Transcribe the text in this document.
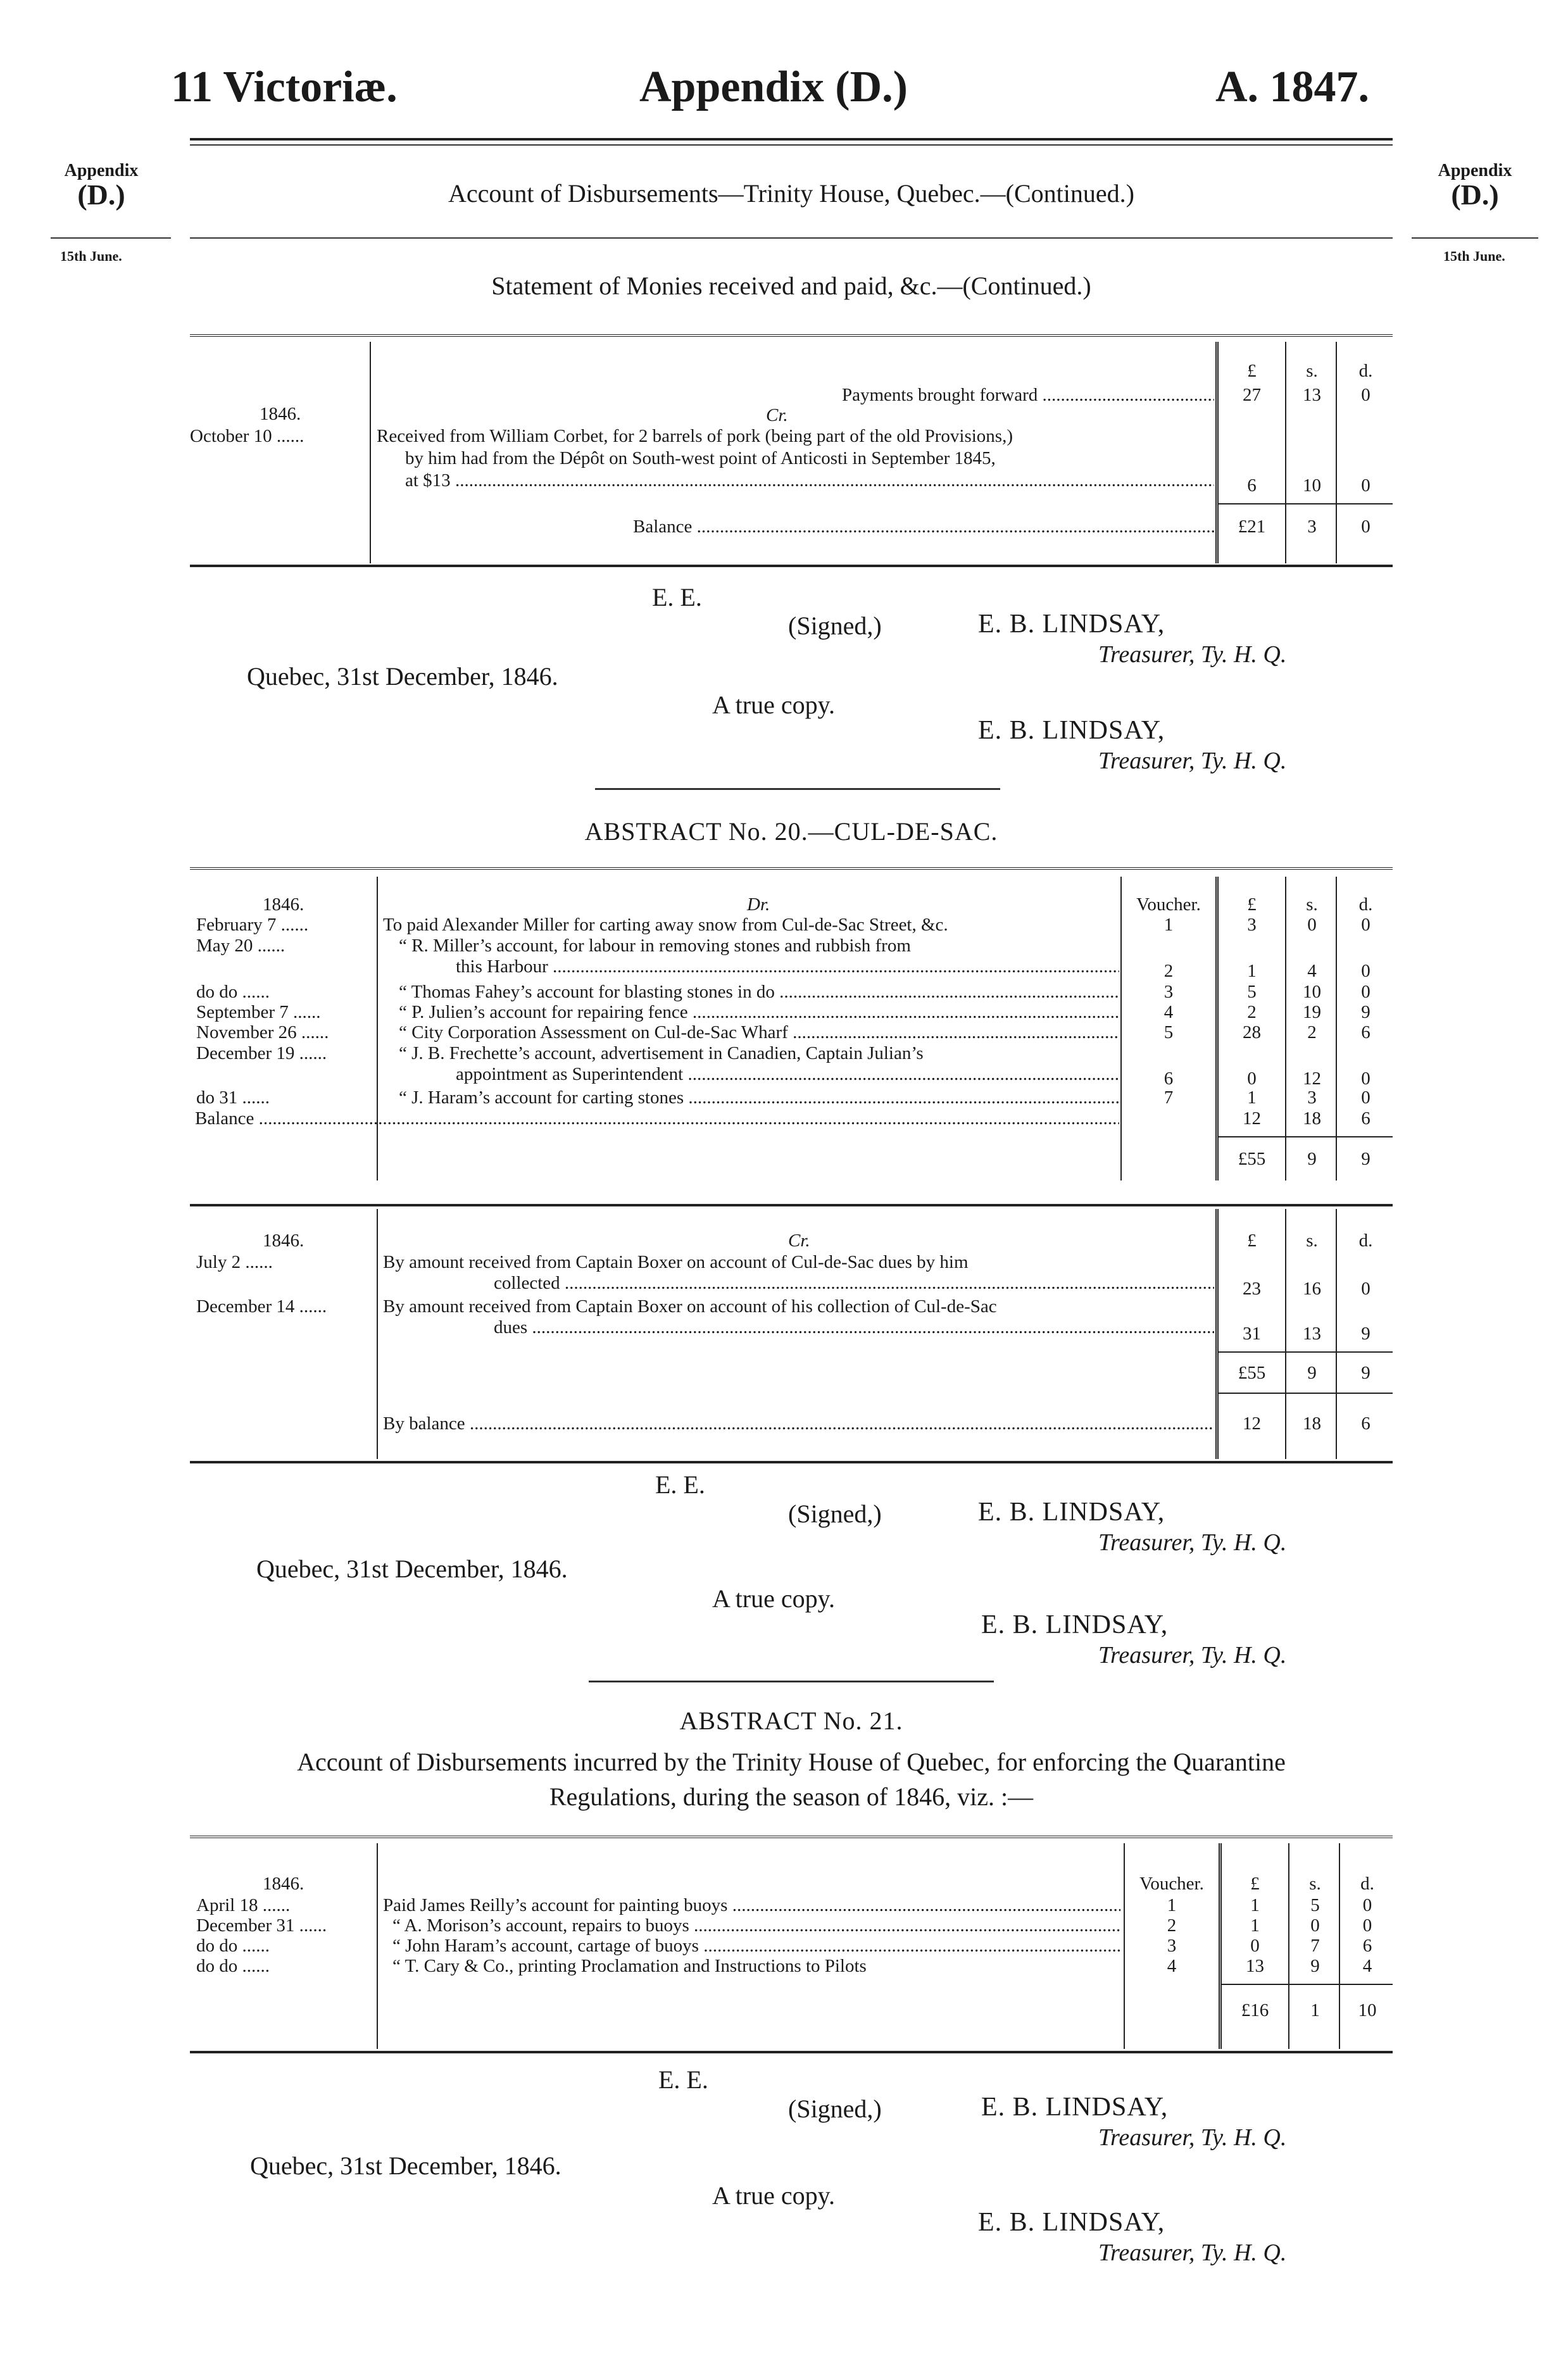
11 Victoriæ.	Appendix (D.)	A. 1847.
Appendix
(D.)
15th June.
Appendix
(D.)
15th June.
Account of Disbursements—Trinity House, Quebec.—(Continued.)
Statement of Monies received and paid, &c.—(Continued.)
£	s.	d.
Payments brought forward .....	27	13	0
Cr.
1846.
October 10 ......	Received from William Corbet, for 2 barrels of pork (being part of the old Provisions,)
by him had from the Dépôt on South-west point of Anticosti in September 1845,
at $13 .....	6	10	0
Balance .....	£21	3	0
E. E.
(Signed,)	E. B. LINDSAY,
Treasurer, Ty. H. Q.
Quebec, 31st December, 1846.
A true copy.
E. B. LINDSAY,
Treasurer, Ty. H. Q.
ABSTRACT No. 20.—CUL-DE-SAC.
1846.	Dr.	Voucher.	£	s.	d.
February 7 ......	To paid Alexander Miller for carting away snow from Cul-de-Sac Street, &c.	1	3	0	0
May 20 ......	“ R. Miller’s account, for labour in removing stones and rubbish from
this Harbour .....	2	1	4	0
do do ......	“ Thomas Fahey’s account for blasting stones in do .....	3	5	10	0
September 7 ......	“ P. Julien’s account for repairing fence .....	4	2	19	9
November 26 ......	“ City Corporation Assessment on Cul-de-Sac Wharf .....	5	28	2	6
December 19 ......	“ J. B. Frechette’s account, advertisement in Canadien, Captain Julian’s
appointment as Superintendent .....	6	0	12	0
do 31 ......	“ J. Haram’s account for carting stones .....	7	1	3	0
Balance .....	12	18	6
£55	9	9
1846.	Cr.	£	s.	d.
July 2 ......	By amount received from Captain Boxer on account of Cul-de-Sac dues by him
collected .....	23	16	0
December 14 ......	By amount received from Captain Boxer on account of his collection of Cul-de-Sac
dues .....	31	13	9
£55	9	9
By balance .....	12	18	6
E. E.
(Signed,)	E. B. LINDSAY,
Treasurer, Ty. H. Q.
Quebec, 31st December, 1846.
A true copy.
E. B. LINDSAY,
Treasurer, Ty. H. Q.
ABSTRACT No. 21.
Account of Disbursements incurred by the Trinity House of Quebec, for enforcing the Quarantine
Regulations, during the season of 1846, viz. :—
1846.	Voucher.	£	s.	d.
April 18 ......	Paid James Reilly’s account for painting buoys .....	1	1	5	0
December 31 ......	“ A. Morison’s account, repairs to buoys .....	2	1	0	0
do do ......	“ John Haram’s account, cartage of buoys .....	3	0	7	6
do do ......	“ T. Cary & Co., printing Proclamation and Instructions to Pilots	4	13	9	4
£16	1	10
E. E.
(Signed,)	E. B. LINDSAY,
Treasurer, Ty. H. Q.
Quebec, 31st December, 1846.
A true copy.
E. B. LINDSAY,
Treasurer, Ty. H. Q.
